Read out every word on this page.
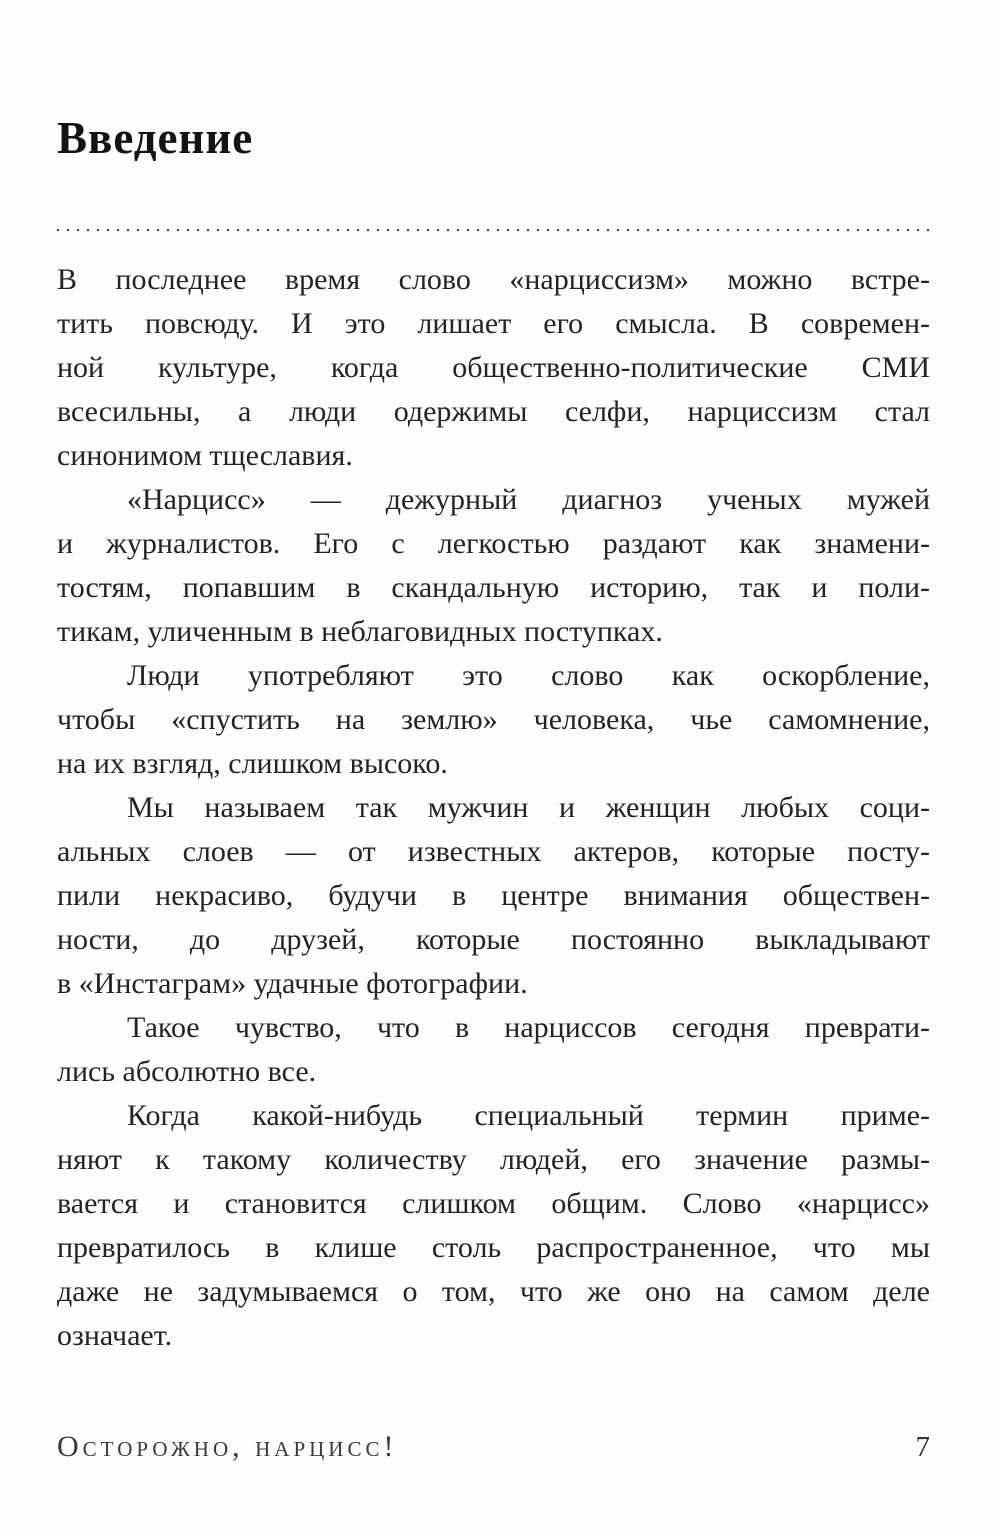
Введение
В последнее время слово «нарциссизм» можно встре-
тить повсюду. И это лишает его смысла. В современ-
ной культуре, когда общественно-политические СМИ
всесильны, а люди одержимы селфи, нарциссизм стал
синонимом тщеславия.
«Нарцисс» — дежурный диагноз ученых мужей
и журналистов. Его с легкостью раздают как знамени-
тостям, попавшим в скандальную историю, так и поли-
тикам, уличенным в неблаговидных поступках.
Люди употребляют это слово как оскорбление,
чтобы «спустить на землю» человека, чье самомнение,
на их взгляд, слишком высоко.
Мы называем так мужчин и женщин любых соци-
альных слоев — от известных актеров, которые посту-
пили некрасиво, будучи в центре внимания обществен-
ности, до друзей, которые постоянно выкладывают
в «Инстаграм» удачные фотографии.
Такое чувство, что в нарциссов сегодня преврати-
лись абсолютно все.
Когда какой-нибудь специальный термин приме-
няют к такому количеству людей, его значение размы-
вается и становится слишком общим. Слово «нарцисс»
превратилось в клише столь распространенное, что мы
даже не задумываемся о том, что же оно на самом деле
означает.
Осторожно, нарцисс!	7
